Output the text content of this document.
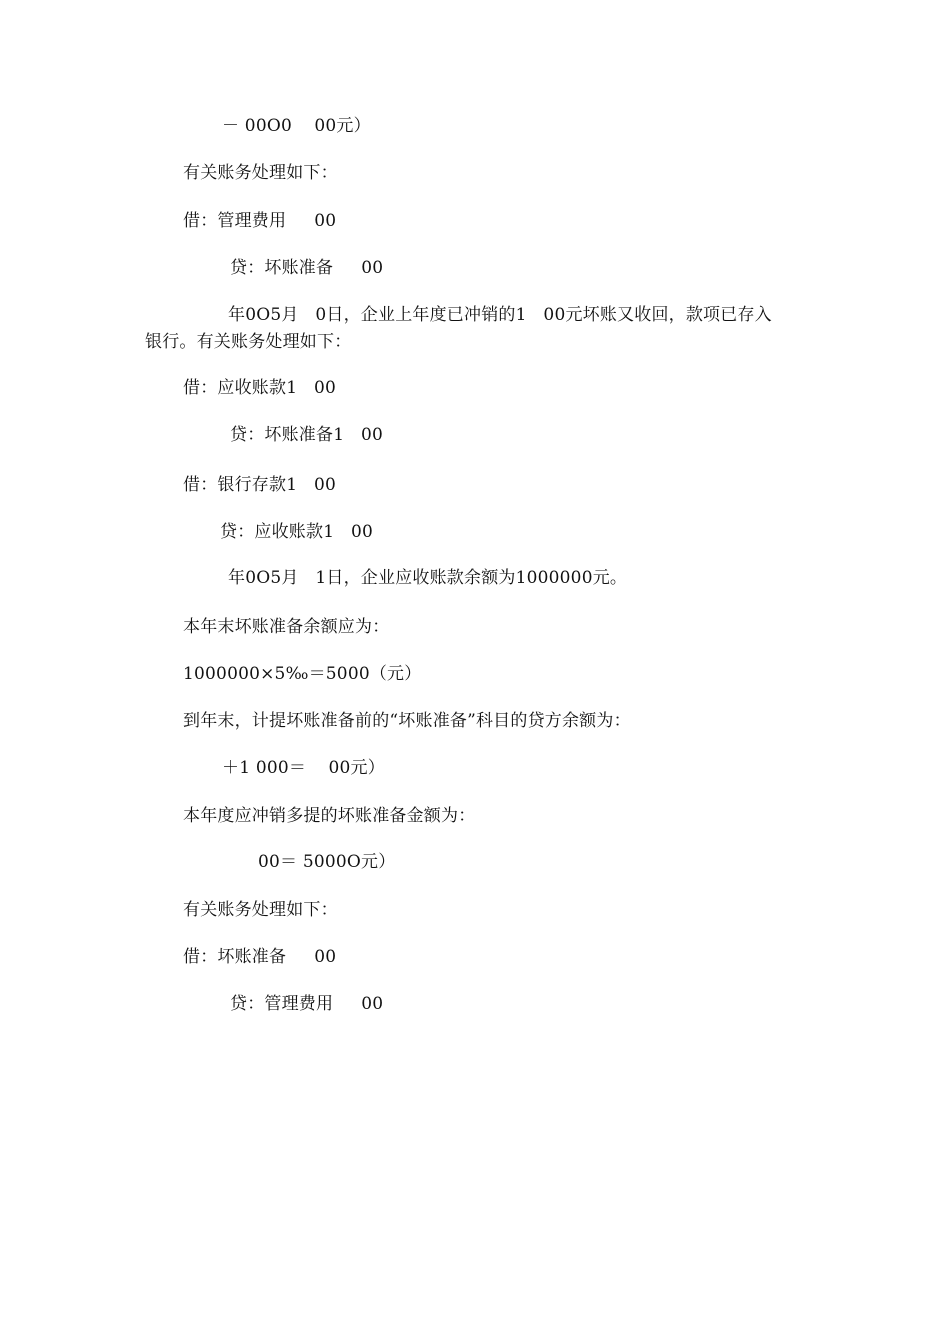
－ 00O0    00元）
有关账务处理如下：
借：管理费用     00
贷：坏账准备     00
年0O5月   0日，企业上年度已冲销的1   00元坏账又收回，款项已存入
银行。有关账务处理如下：
借：应收账款1   00
贷：坏账准备1   00
借：银行存款1   00
贷：应收账款1   00
年0O5月   1日，企业应收账款余额为1000000元。
本年末坏账准备余额应为：
1000000×5‰＝5000（元）
到年末，计提坏账准备前的“坏账准备”科目的贷方余额为：
＋1 000＝    00元）
本年度应冲销多提的坏账准备金额为：
00＝ 5000O元）
有关账务处理如下：
借：坏账准备     00
贷：管理费用     00
